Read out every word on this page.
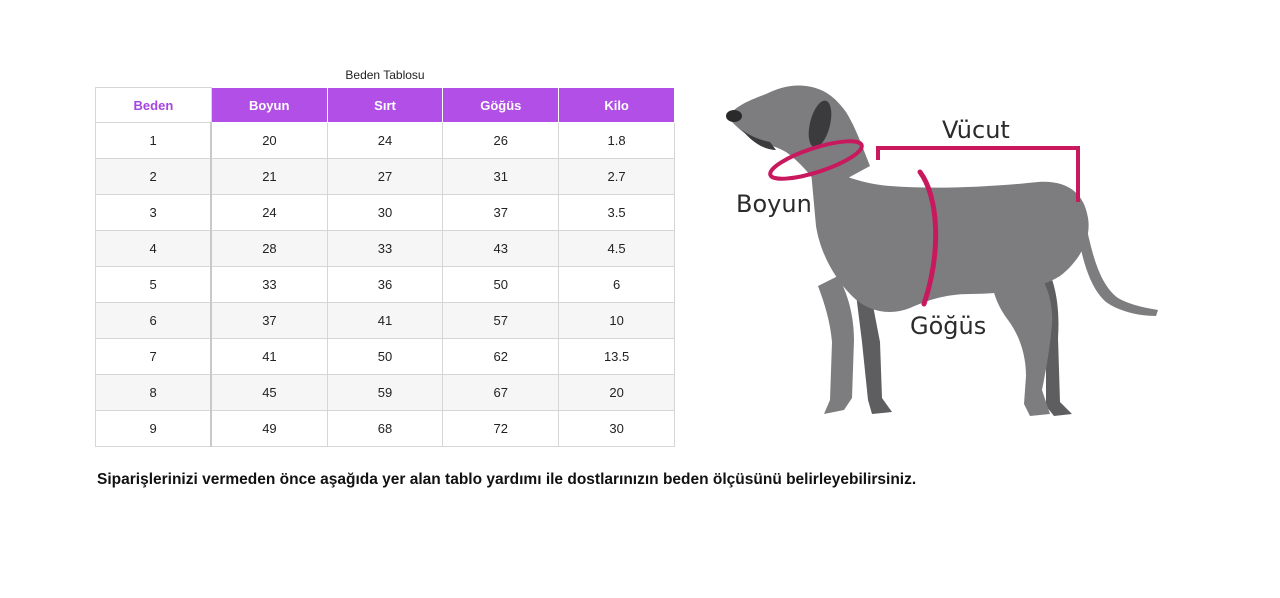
Beden Tablosu
Beden	Boyun	Sırt	Göğüs	Kilo
1	20	24	26	1.8
2	21	27	31	2.7
3	24	30	37	3.5
4	28	33	43	4.5
5	33	36	50	6
6	37	41	57	10
7	41	50	62	13.5
8	45	59	67	20
9	49	68	72	30
Vücut
Boyun
Göğüs
Siparişlerinizi vermeden önce aşağıda yer alan tablo yardımı ile dostlarınızın beden ölçüsünü belirleyebilirsiniz.
